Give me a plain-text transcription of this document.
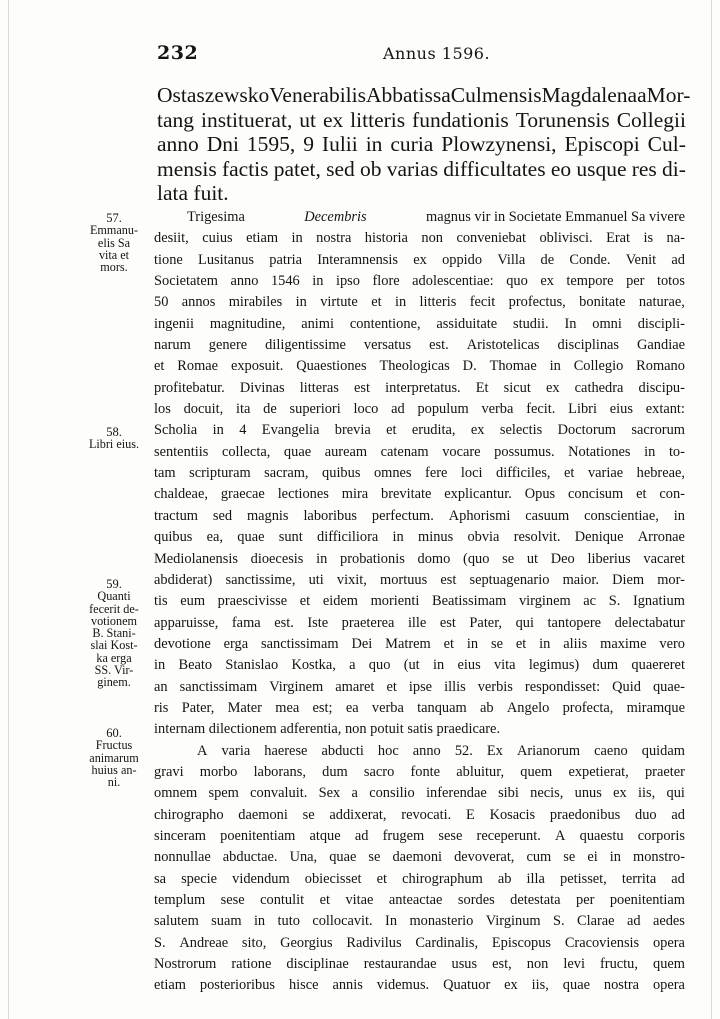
232	Annus 1596.
Ostaszewsko Venerabilis Abbatissa Culmensis Magdalena a Mor-
tang instituerat, ut ex litteris fundationis Torunensis Collegii
anno Dni 1595, 9 Iulii in curia Plowzynensi, Episcopi Cul-
mensis factis patet, sed ob varias difficultates eo usque res di-
lata fuit.
Trigesima	Decembris	magnus vir in Societate Emmanuel Sa vivere
desiit, cuius etiam in nostra historia non conveniebat oblivisci. Erat is na-
tione Lusitanus patria Interamnensis ex oppido Villa de Conde. Venit ad
Societatem anno 1546 in ipso flore adolescentiae: quo ex tempore per totos
50 annos mirabiles in virtute et in litteris fecit profectus, bonitate naturae,
ingenii magnitudine, animi contentione, assiduitate studii. In omni discipli-
narum genere diligentissime versatus est. Aristotelicas disciplinas Gandiae
et Romae exposuit. Quaestiones Theologicas D. Thomae in Collegio Romano
profitebatur. Divinas litteras est interpretatus. Et sicut ex cathedra discipu-
los docuit, ita de superiori loco ad populum verba fecit. Libri eius extant:
Scholia in 4 Evangelia brevia et erudita, ex selectis Doctorum sacrorum
sententiis collecta, quae auream catenam vocare possumus. Notationes in to-
tam scripturam sacram, quibus omnes fere loci difficiles, et variae hebreae,
chaldeae, graecae lectiones mira brevitate explicantur. Opus concisum et con-
tractum sed magnis laboribus perfectum. Aphorismi casuum conscientiae, in
quibus ea, quae sunt difficiliora in minus obvia resolvit. Denique Arronae
Mediolanensis dioecesis in probationis domo (quo se ut Deo liberius vacaret
abdiderat) sanctissime, uti vixit, mortuus est septuagenario maior. Diem mor-
tis eum praescivisse et eidem morienti Beatissimam virginem ac S. Ignatium
apparuisse, fama est. Iste praeterea ille est Pater, qui tantopere delectabatur
devotione erga sanctissimam Dei Matrem et in se et in aliis maxime vero
in Beato Stanislao Kostka, a quo (ut in eius vita legimus) dum quaereret
an sanctissimam Virginem amaret et ipse illis verbis respondisset: Quid quae-
ris Pater, Mater mea est; ea verba tanquam ab Angelo profecta, miramque
internam dilectionem adferentia, non potuit satis praedicare.
A varia haerese abducti hoc anno 52. Ex Arianorum caeno quidam
gravi morbo laborans, dum sacro fonte abluitur, quem expetierat, praeter
omnem spem convaluit. Sex a consilio inferendae sibi necis, unus ex iis, qui
chirographo daemoni se addixerat, revocati. E Kosacis praedonibus duo ad
sinceram poenitentiam atque ad frugem sese receperunt. A quaestu corporis
nonnullae abductae. Una, quae se daemoni devoverat, cum se ei in monstro-
sa specie videndum obiecisset et chirographum ab illa petisset, territa ad
templum sese contulit et vitae anteactae sordes detestata per poenitentiam
salutem suam in tuto collocavit. In monasterio Virginum S. Clarae ad aedes
S. Andreae sito, Georgius Radivilus Cardinalis, Episcopus Cracoviensis opera
Nostrorum ratione disciplinae restaurandae usus est, non levi fructu, quem
etiam posterioribus hisce annis videmus. Quatuor ex iis, quae nostra opera
57.
Emmanu-
elis Sa
vita et
mors.
58.
Libri eius.
59.
Quanti
fecerit de-
votionem
B. Stani-
slai Kost-
ka erga
SS. Vir-
ginem.
60.
Fructus
animarum
huius an-
ni.
